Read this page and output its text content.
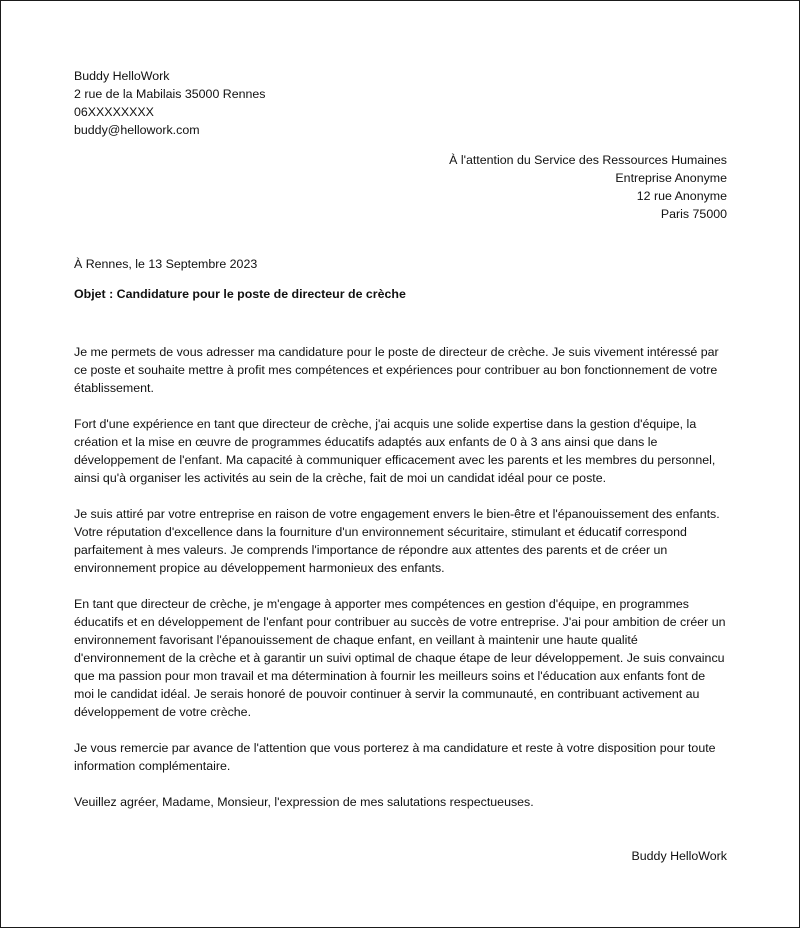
Buddy HelloWork
2 rue de la Mabilais 35000 Rennes
06XXXXXXXX
buddy@hellowork.com
À l'attention du Service des Ressources Humaines
Entreprise Anonyme
12 rue Anonyme
Paris 75000
À Rennes, le 13 Septembre 2023
Objet : Candidature pour le poste de directeur de crèche

Je me permets de vous adresser ma candidature pour le poste de directeur de crèche. Je suis vivement intéressé par ce poste et souhaite mettre à profit mes compétences et expériences pour contribuer au bon fonctionnement de votre établissement.

Fort d'une expérience en tant que directeur de crèche, j'ai acquis une solide expertise dans la gestion d'équipe, la création et la mise en œuvre de programmes éducatifs adaptés aux enfants de 0 à 3 ans ainsi que dans le développement de l'enfant. Ma capacité à communiquer efficacement avec les parents et les membres du personnel, ainsi qu'à organiser les activités au sein de la crèche, fait de moi un candidat idéal pour ce poste.

Je suis attiré par votre entreprise en raison de votre engagement envers le bien-être et l'épanouissement des enfants. Votre réputation d'excellence dans la fourniture d'un environnement sécuritaire, stimulant et éducatif correspond parfaitement à mes valeurs. Je comprends l'importance de répondre aux attentes des parents et de créer un environnement propice au développement harmonieux des enfants.

En tant que directeur de crèche, je m'engage à apporter mes compétences en gestion d'équipe, en programmes éducatifs et en développement de l'enfant pour contribuer au succès de votre entreprise. J'ai pour ambition de créer un environnement favorisant l'épanouissement de chaque enfant, en veillant à maintenir une haute qualité d'environnement de la crèche et à garantir un suivi optimal de chaque étape de leur développement. Je suis convaincu que ma passion pour mon travail et ma détermination à fournir les meilleurs soins et l'éducation aux enfants font de moi le candidat idéal. Je serais honoré de pouvoir continuer à servir la communauté, en contribuant activement au développement de votre crèche.

Je vous remercie par avance de l'attention que vous porterez à ma candidature et reste à votre disposition pour toute information complémentaire.

Veuillez agréer, Madame, Monsieur, l'expression de mes salutations respectueuses.

Buddy HelloWork
